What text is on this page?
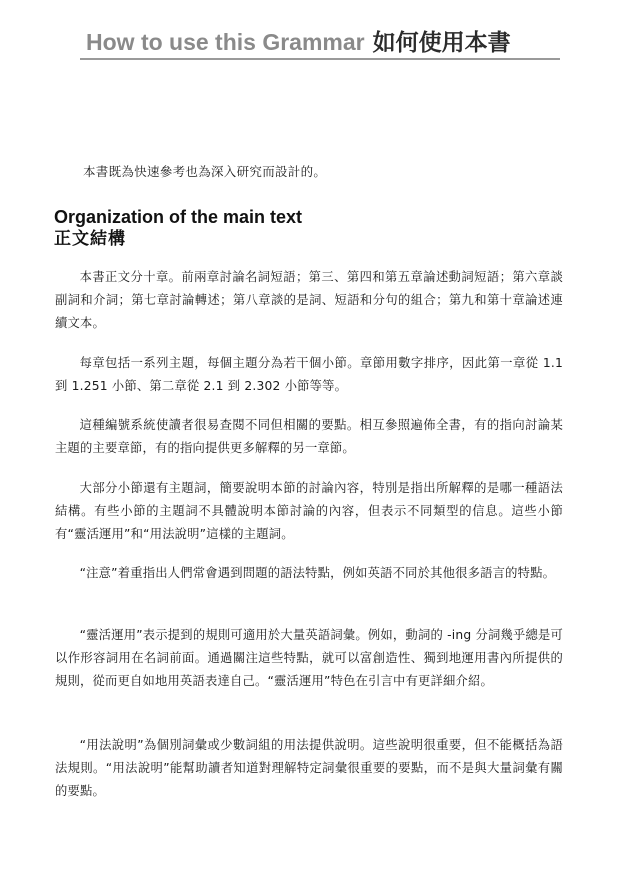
How to use this Grammar 如何使用本書
本書既為快速參考也為深入研究而設計的。
Organization of the main text
正文結構

本書正文分十章。前兩章討論名詞短語；第三、第四和第五章論述動詞短語；第六章談副詞和介詞；第七章討論轉述；第八章談的是詞、短語和分句的組合；第九和第十章論述連續文本。

每章包括一系列主題，每個主題分為若干個小節。章節用數字排序，因此第一章從 1.1 到 1.251 小節、第二章從 2.1 到 2.302 小節等等。

這種編號系統使讀者很易查閱不同但相關的要點。相互參照遍佈全書，有的指向討論某主題的主要章節，有的指向提供更多解釋的另一章節。

大部分小節還有主題詞，簡要說明本節的討論內容，特別是指出所解釋的是哪一種語法結構。有些小節的主題詞不具體說明本節討論的內容，但表示不同類型的信息。這些小節有“靈活運用”和“用法說明”這樣的主題詞。

“注意”着重指出人們常會遇到問題的語法特點，例如英語不同於其他很多語言的特點。

“靈活運用”表示提到的規則可適用於大量英語詞彙。例如，動詞的 -ing 分詞幾乎總是可以作形容詞用在名詞前面。通過關注這些特點，就可以富創造性、獨到地運用書內所提供的規則，從而更自如地用英語表達自己。“靈活運用”特色在引言中有更詳細介紹。

“用法說明”為個別詞彙或少數詞組的用法提供說明。這些說明很重要，但不能概括為語法規則。“用法說明”能幫助讀者知道對理解特定詞彙很重要的要點，而不是與大量詞彙有關的要點。
